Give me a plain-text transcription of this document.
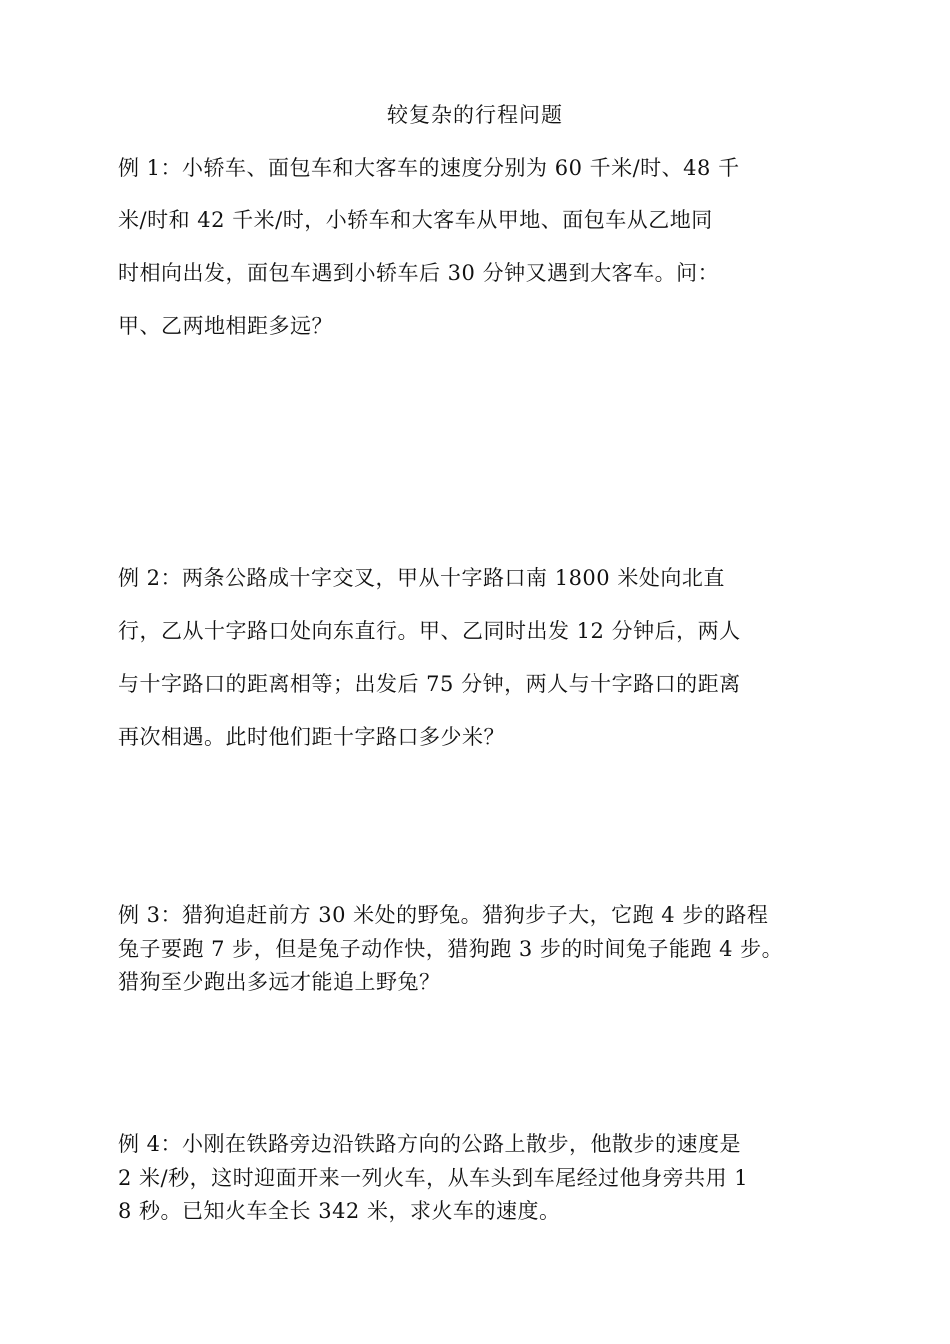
较复杂的行程问题
例 1：小轿车、面包车和大客车的速度分别为 60 千米/时、48 千
米/时和 42 千米/时，小轿车和大客车从甲地、面包车从乙地同
时相向出发，面包车遇到小轿车后 30 分钟又遇到大客车。问：
甲、乙两地相距多远？
例 2：两条公路成十字交叉，甲从十字路口南 1800 米处向北直
行，乙从十字路口处向东直行。甲、乙同时出发 12 分钟后，两人
与十字路口的距离相等；出发后 75 分钟，两人与十字路口的距离
再次相遇。此时他们距十字路口多少米？
例 3：猎狗追赶前方 30 米处的野兔。猎狗步子大，它跑 4 步的路程
兔子要跑 7 步，但是兔子动作快，猎狗跑 3 步的时间兔子能跑 4 步。
猎狗至少跑出多远才能追上野兔？
例 4：小刚在铁路旁边沿铁路方向的公路上散步，他散步的速度是
2 米/秒，这时迎面开来一列火车，从车头到车尾经过他身旁共用 1
8 秒。已知火车全长 342 米，求火车的速度。
